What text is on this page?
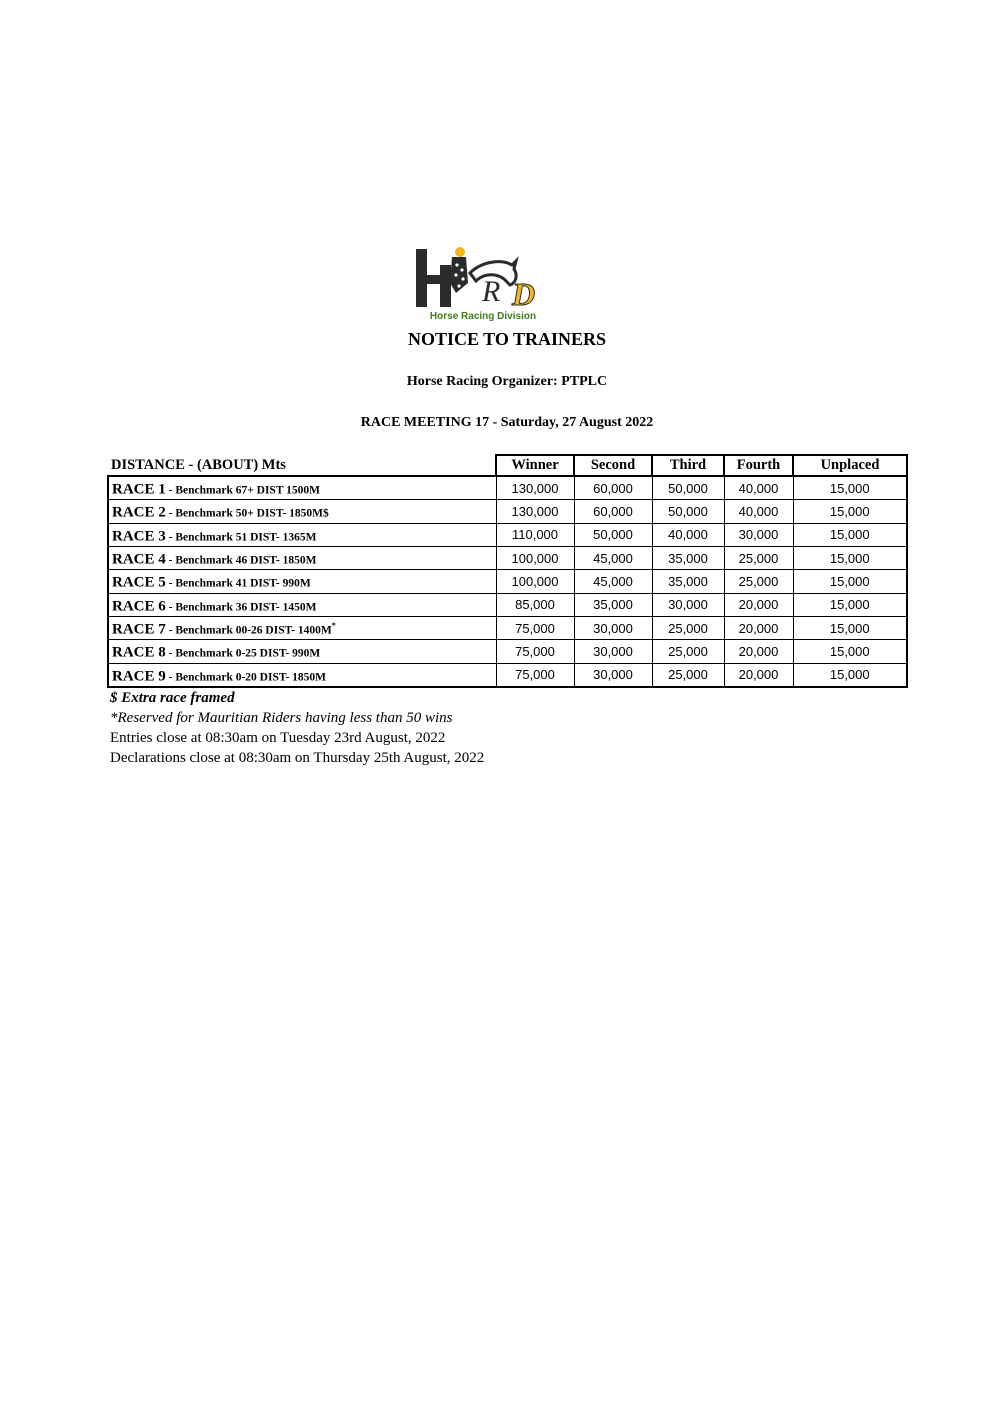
R D
Horse Racing Division
NOTICE TO TRAINERS
Horse Racing Organizer: PTPLC
RACE MEETING 17 - Saturday, 27 August 2022
DISTANCE - (ABOUT) Mts	Winner	Second	Third	Fourth	Unplaced
RACE 1 - Benchmark 67+ DIST 1500M	130,000	60,000	50,000	40,000	15,000
RACE 2 - Benchmark 50+ DIST- 1850M$	130,000	60,000	50,000	40,000	15,000
RACE 3 - Benchmark 51 DIST- 1365M	110,000	50,000	40,000	30,000	15,000
RACE 4 - Benchmark 46 DIST- 1850M	100,000	45,000	35,000	25,000	15,000
RACE 5 - Benchmark 41 DIST- 990M	100,000	45,000	35,000	25,000	15,000
RACE 6 - Benchmark 36 DIST- 1450M	85,000	35,000	30,000	20,000	15,000
RACE 7 - Benchmark 00-26 DIST- 1400M*	75,000	30,000	25,000	20,000	15,000
RACE 8 - Benchmark 0-25 DIST- 990M	75,000	30,000	25,000	20,000	15,000
RACE 9 - Benchmark 0-20 DIST- 1850M	75,000	30,000	25,000	20,000	15,000
$ Extra race framed
*Reserved for Mauritian Riders having less than 50 wins
Entries close at 08:30am on Tuesday 23rd August, 2022
Declarations close at 08:30am on Thursday 25th August, 2022
